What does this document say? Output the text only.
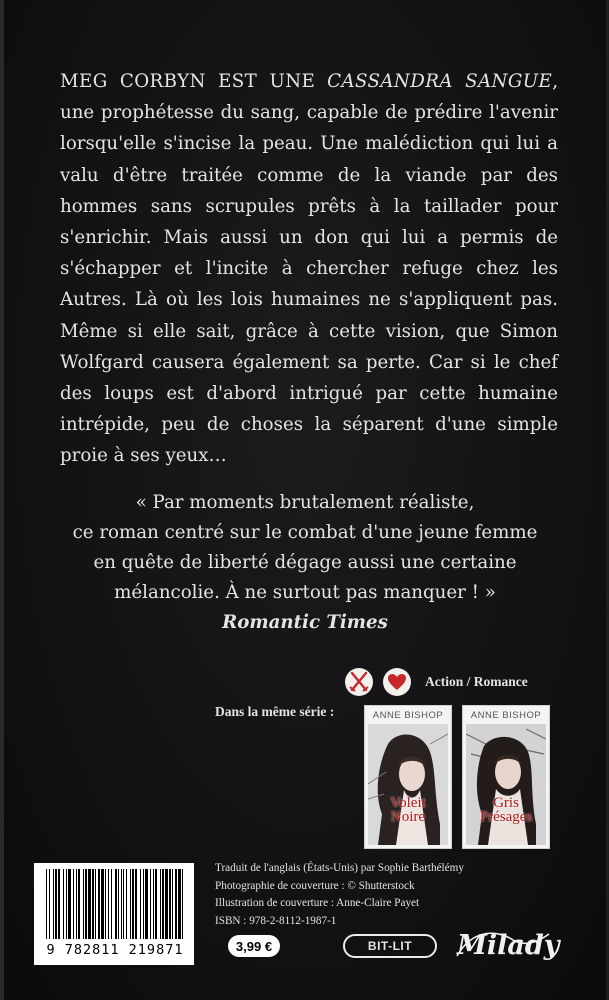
MEG CORBYN EST UNE CASSANDRA SANGUE, une prophétesse du sang, capable de prédire l'avenir lorsqu'elle s'incise la peau. Une malédiction qui lui a valu d'être traitée comme de la viande par des hommes sans scrupules prêts à la taillader pour s'enrichir. Mais aussi un don qui lui a permis de s'échapper et l'incite à chercher refuge chez les Autres. Là où les lois humaines ne s'appliquent pas. Même si elle sait, grâce à cette vision, que Simon Wolfgard causera également sa perte. Car si le chef des loups est d'abord intrigué par cette humaine intrépide, peu de choses la séparent d'une simple proie à ses yeux…

« Par moments brutalement réaliste,

ce roman centré sur le combat d'une jeune femme

en quête de liberté dégage aussi une certaine

mélancolie. À ne surtout pas manquer ! »

Romantic Times

Action / Romance
Dans la même série :	ANNE BISHOP
Voleit
Noire
ANNE BISHOP
Gris
Présages
Traduit de l'anglais (États-Unis) par Sophie Barthélémy
Photographie de couverture : © Shutterstock
Illustration de couverture : Anne-Claire Payet
ISBN : 978-2-8112-1987-1
9 782811 219871	3,99 €	BIT-LIT	Milady
